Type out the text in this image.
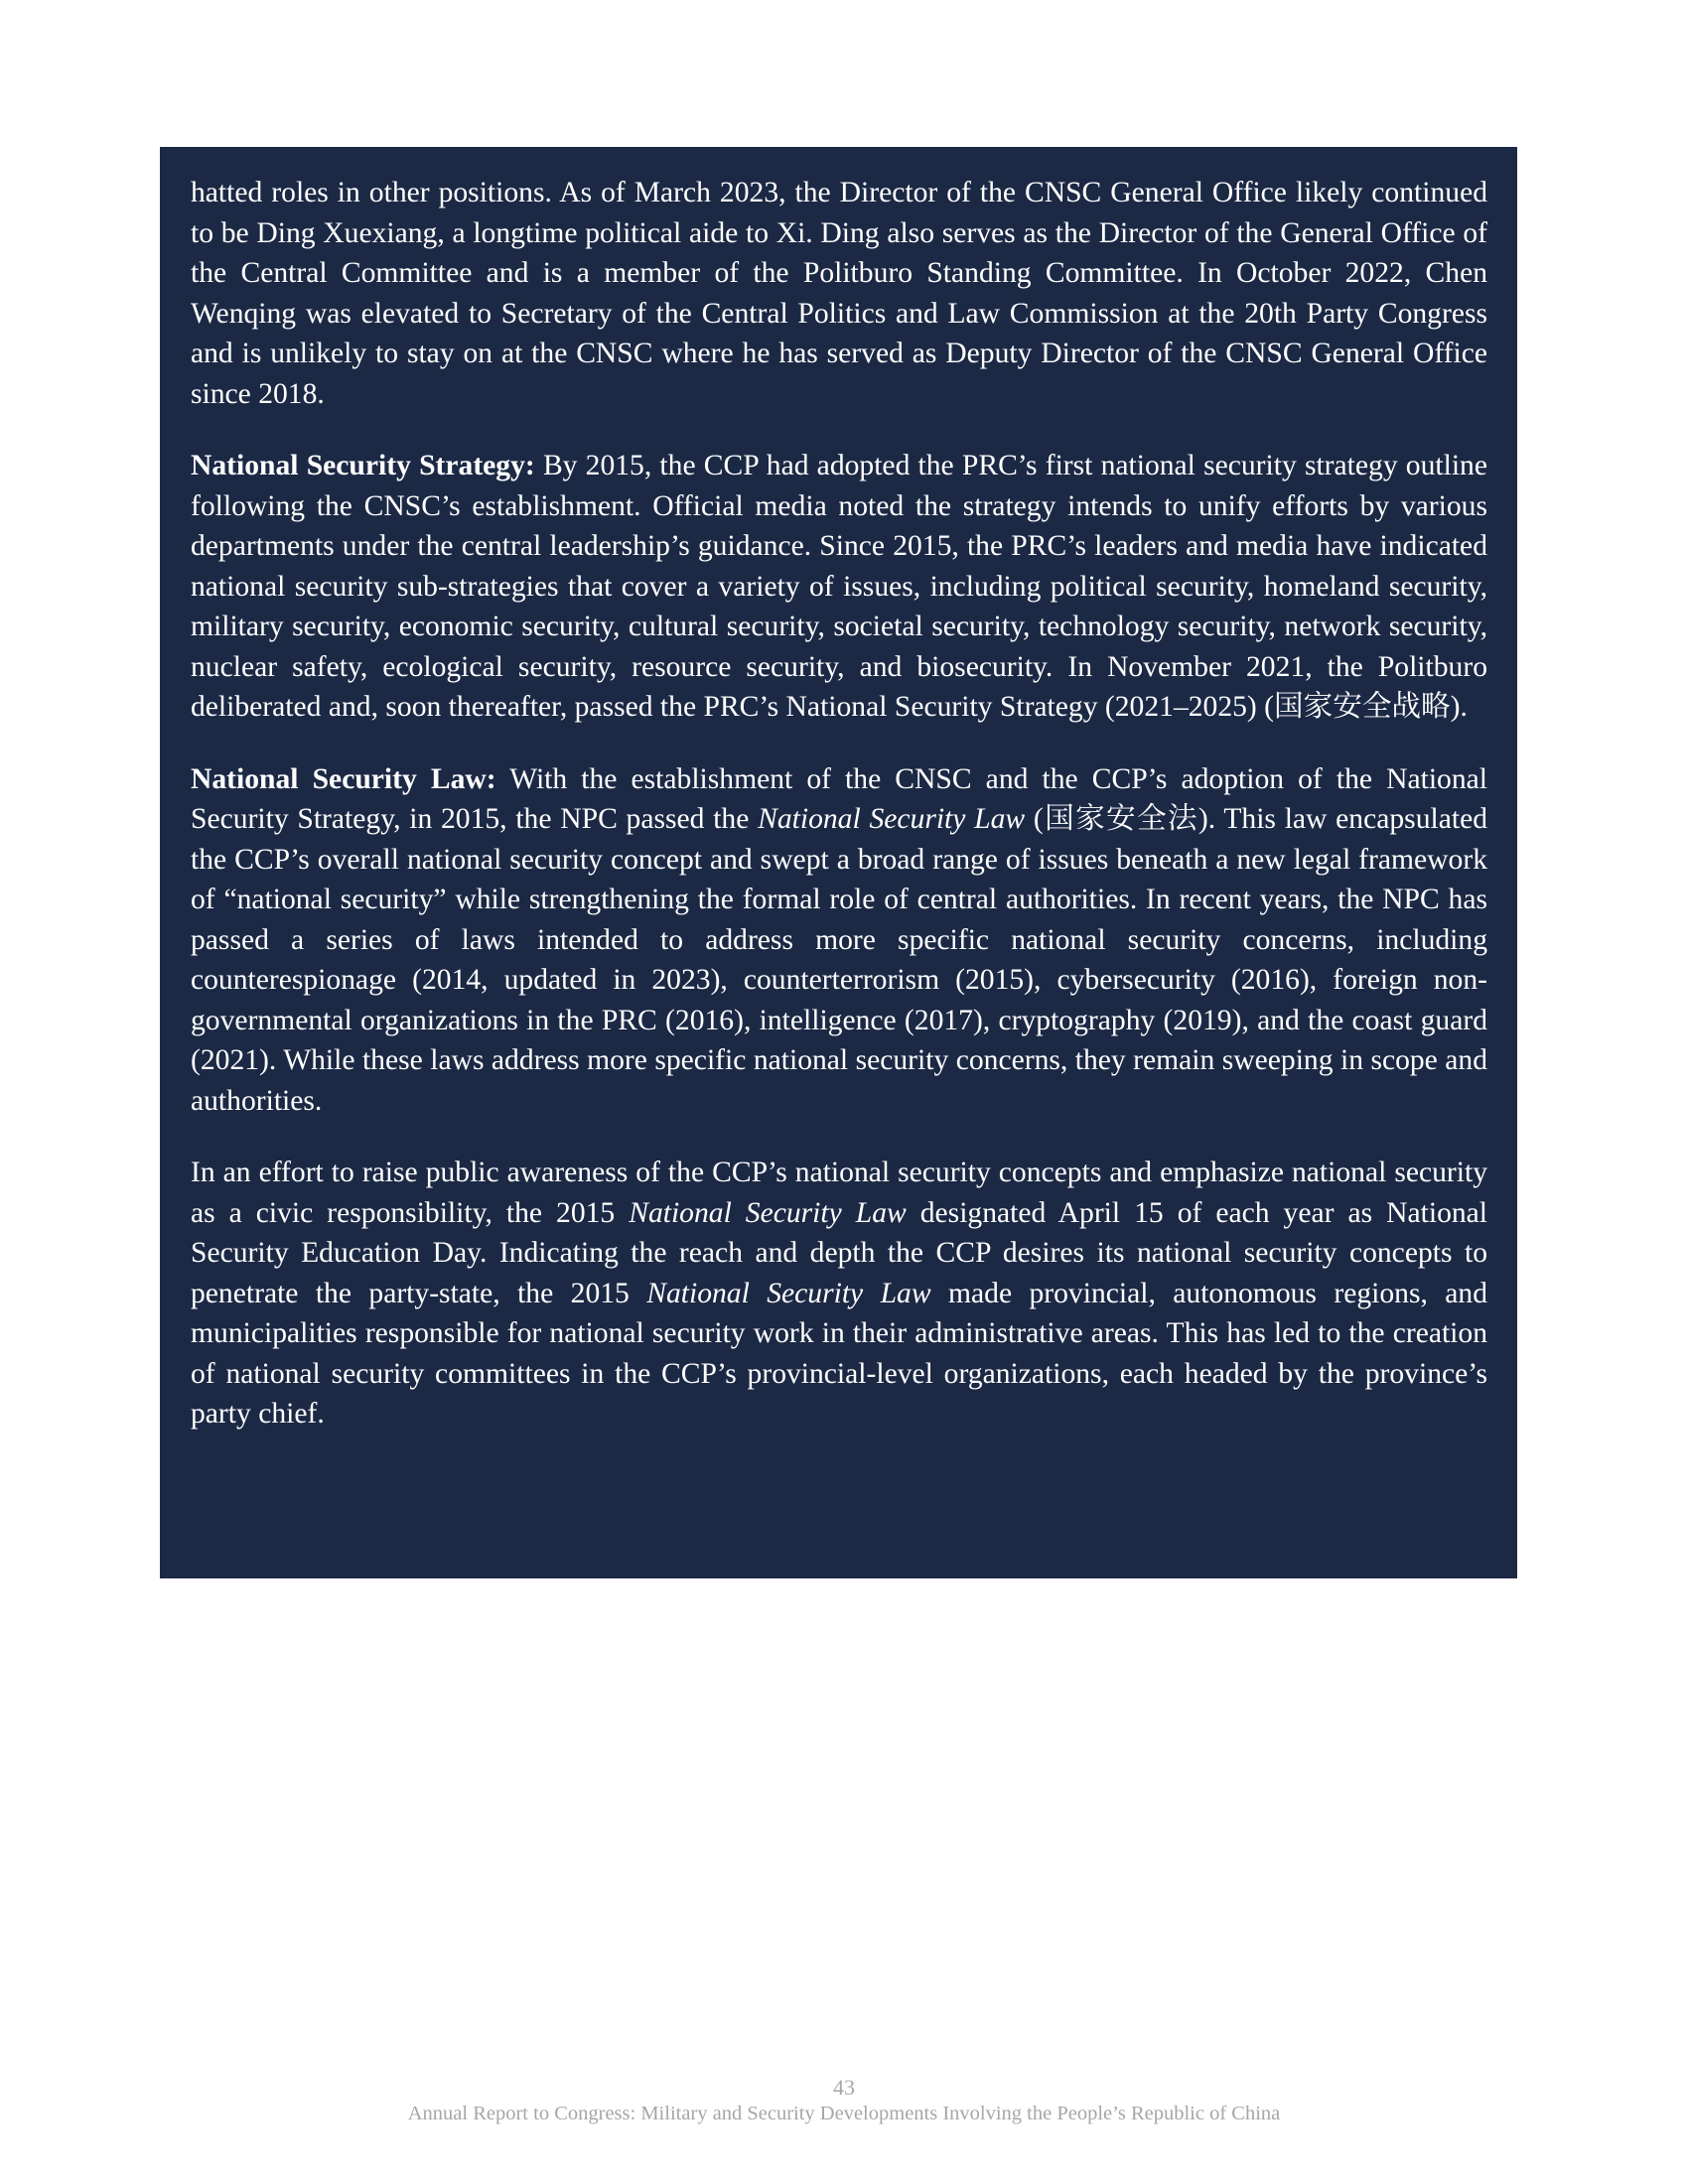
hatted roles in other positions. As of March 2023, the Director of the CNSC General Office likely continued to be Ding Xuexiang, a longtime political aide to Xi. Ding also serves as the Director of the General Office of the Central Committee and is a member of the Politburo Standing Committee. In October 2022, Chen Wenqing was elevated to Secretary of the Central Politics and Law Commission at the 20th Party Congress and is unlikely to stay on at the CNSC where he has served as Deputy Director of the CNSC General Office since 2018.

National Security Strategy: By 2015, the CCP had adopted the PRC’s first national security strategy outline following the CNSC’s establishment. Official media noted the strategy intends to unify efforts by various departments under the central leadership’s guidance. Since 2015, the PRC’s leaders and media have indicated national security sub-strategies that cover a variety of issues, including political security, homeland security, military security, economic security, cultural security, societal security, technology security, network security, nuclear safety, ecological security, resource security, and biosecurity. In November 2021, the Politburo deliberated and, soon thereafter, passed the PRC’s National Security Strategy (2021–2025) (国家安全战略).

National Security Law: With the establishment of the CNSC and the CCP’s adoption of the National Security Strategy, in 2015, the NPC passed the National Security Law (国家安全法). This law encapsulated the CCP’s overall national security concept and swept a broad range of issues beneath a new legal framework of “national security” while strengthening the formal role of central authorities. In recent years, the NPC has passed a series of laws intended to address more specific national security concerns, including counterespionage (2014, updated in 2023), counterterrorism (2015), cybersecurity (2016), foreign non-governmental organizations in the PRC (2016), intelligence (2017), cryptography (2019), and the coast guard (2021). While these laws address more specific national security concerns, they remain sweeping in scope and authorities.

In an effort to raise public awareness of the CCP’s national security concepts and emphasize national security as a civic responsibility, the 2015 National Security Law designated April 15 of each year as National Security Education Day. Indicating the reach and depth the CCP desires its national security concepts to penetrate the party-state, the 2015 National Security Law made provincial, autonomous regions, and municipalities responsible for national security work in their administrative areas. This has led to the creation of national security committees in the CCP’s provincial-level organizations, each headed by the province’s party chief.

43
Annual Report to Congress: Military and Security Developments Involving the People’s Republic of China
